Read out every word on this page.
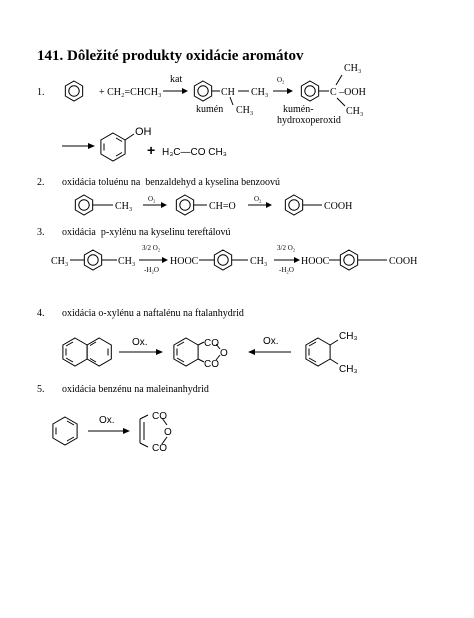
141. Dôležité produkty oxidácie aromátov
1.	+ CH₂=CHCH₃
kat
CH CH₃
CH₃
kumén
O₂
CH₃
C –OOH
CH₃
kumén-
hydroxoperoxid
OH
+ H₃C—CO CH₃
2.       oxidácia toluénu na  benzaldehyd a kyselina benzoovú
CH₃
O₂
CH=O
O₂
COOH
3.       oxidácia  p-xylénu na kyselinu tereftálovú
CH₃	CH₃
3/2 O₂
-H₂O
HOOC	CH₃
3/2 O₂
-H₂O
HOOC	COOH
4.       oxidácia o-xylénu a naftalénu na ftalanhydrid
Ox.	CO
O
CO
Ox.	CH₃
CH₃
5.       oxidácia benzénu na maleinanhydrid
Ox.	CO
O
CO
